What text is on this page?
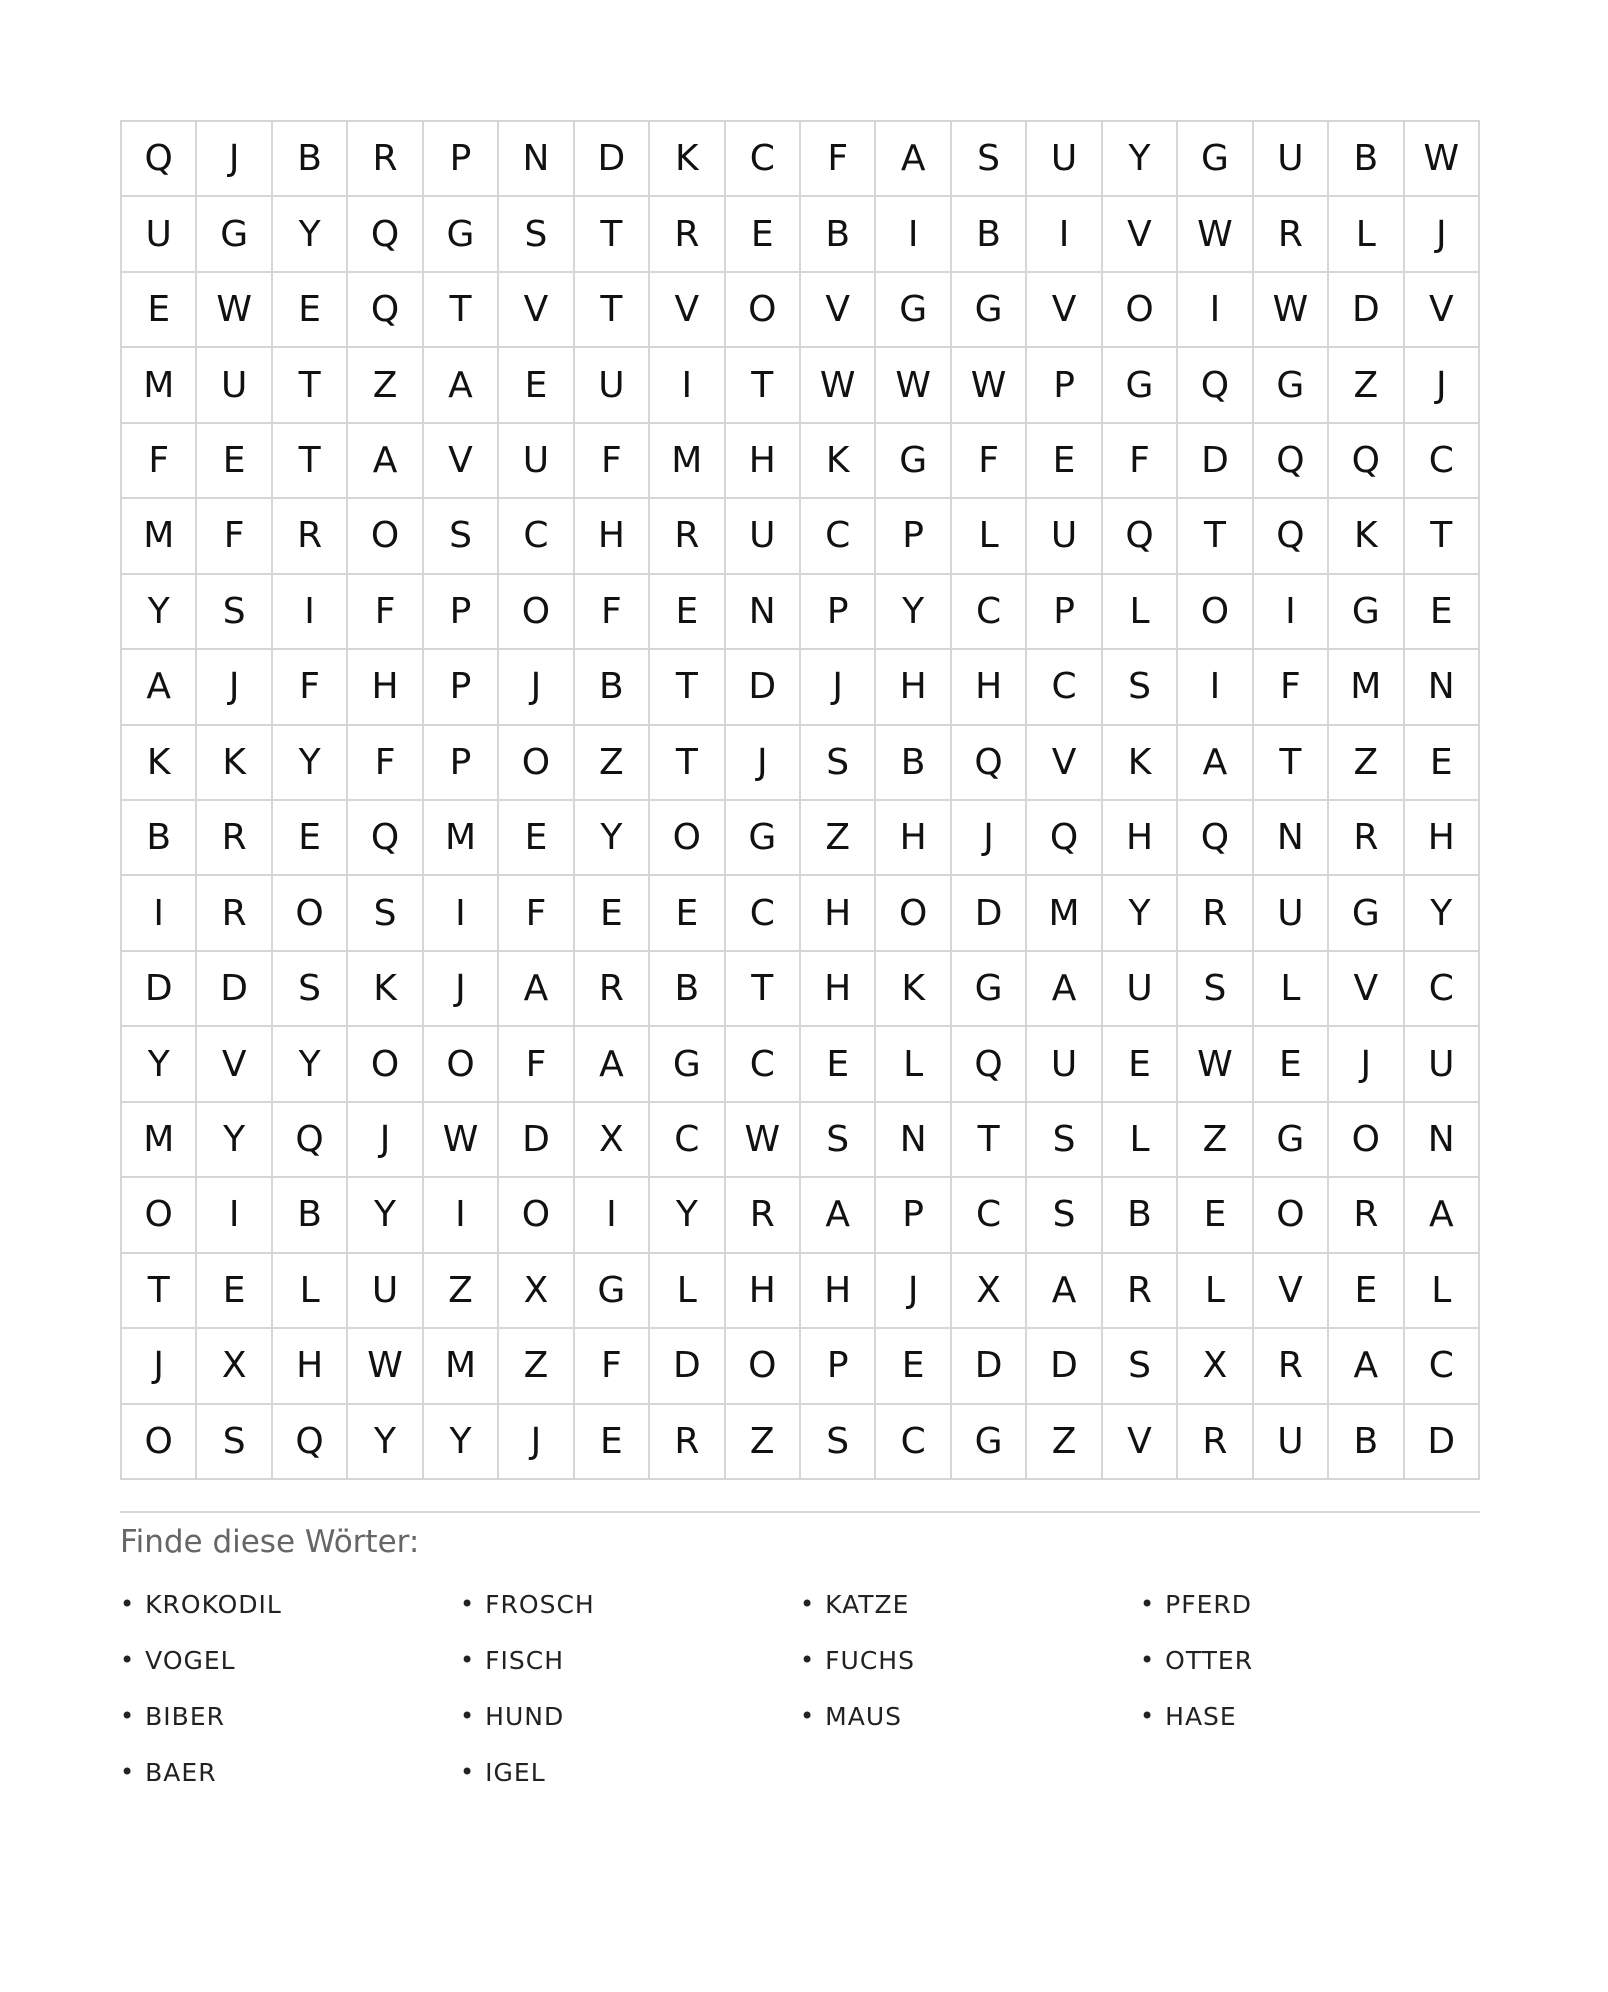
Q	J	B	R	P	N	D	K	C	F	A	S	U	Y	G	U	B	W
U	G	Y	Q	G	S	T	R	E	B	I	B	I	V	W	R	L	J
E	W	E	Q	T	V	T	V	O	V	G	G	V	O	I	W	D	V
M	U	T	Z	A	E	U	I	T	W	W	W	P	G	Q	G	Z	J
F	E	T	A	V	U	F	M	H	K	G	F	E	F	D	Q	Q	C
M	F	R	O	S	C	H	R	U	C	P	L	U	Q	T	Q	K	T
Y	S	I	F	P	O	F	E	N	P	Y	C	P	L	O	I	G	E
A	J	F	H	P	J	B	T	D	J	H	H	C	S	I	F	M	N
K	K	Y	F	P	O	Z	T	J	S	B	Q	V	K	A	T	Z	E
B	R	E	Q	M	E	Y	O	G	Z	H	J	Q	H	Q	N	R	H
I	R	O	S	I	F	E	E	C	H	O	D	M	Y	R	U	G	Y
D	D	S	K	J	A	R	B	T	H	K	G	A	U	S	L	V	C
Y	V	Y	O	O	F	A	G	C	E	L	Q	U	E	W	E	J	U
M	Y	Q	J	W	D	X	C	W	S	N	T	S	L	Z	G	O	N
O	I	B	Y	I	O	I	Y	R	A	P	C	S	B	E	O	R	A
T	E	L	U	Z	X	G	L	H	H	J	X	A	R	L	V	E	L
J	X	H	W	M	Z	F	D	O	P	E	D	D	S	X	R	A	C
O	S	Q	Y	Y	J	E	R	Z	S	C	G	Z	V	R	U	B	D
Finde diese Wörter:
• KROKODIL	• FROSCH	• KATZE	• PFERD
• VOGEL	• FISCH	• FUCHS	• OTTER
• BIBER	• HUND	• MAUS	• HASE
• BAER	• IGEL
